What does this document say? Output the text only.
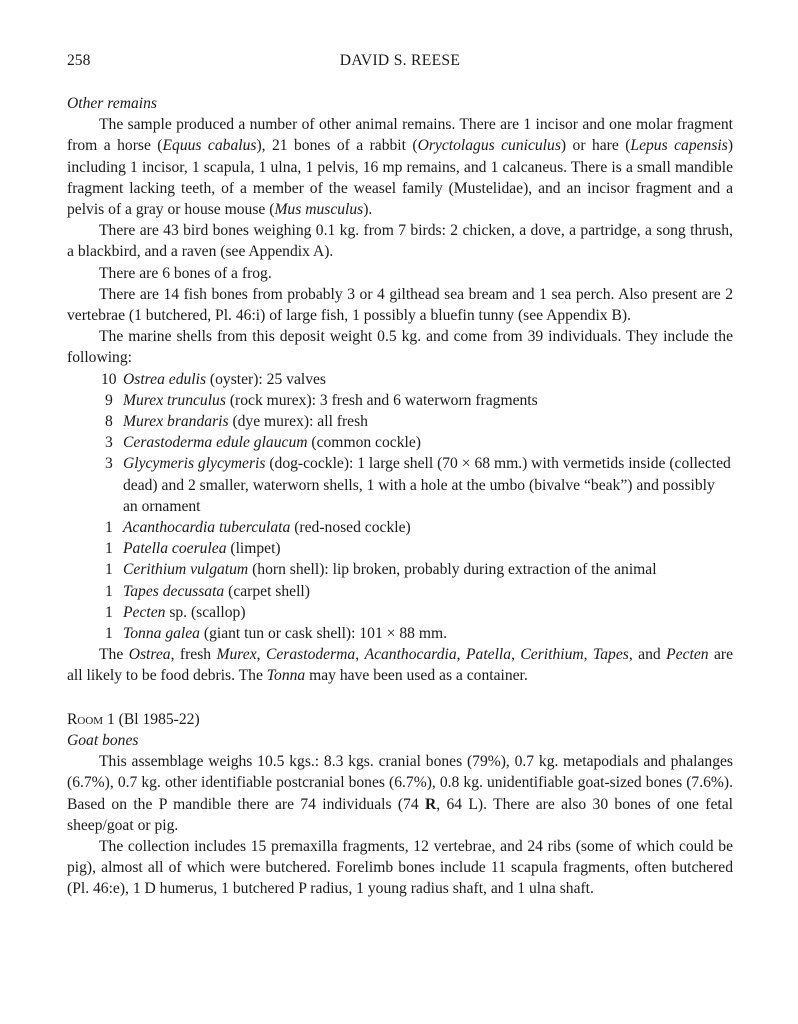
258	DAVID S. REESE
Other remains

The sample produced a number of other animal remains. There are 1 incisor and one molar fragment from a horse (Equus cabalus), 21 bones of a rabbit (Oryctolagus cuniculus) or hare (Lepus capensis) including 1 incisor, 1 scapula, 1 ulna, 1 pelvis, 16 mp remains, and 1 calcaneus. There is a small mandible fragment lacking teeth, of a member of the weasel family (Mustelidae), and an incisor fragment and a pelvis of a gray or house mouse (Mus musculus).

There are 43 bird bones weighing 0.1 kg. from 7 birds: 2 chicken, a dove, a partridge, a song thrush, a blackbird, and a raven (see Appendix A).

There are 6 bones of a frog.

There are 14 fish bones from probably 3 or 4 gilthead sea bream and 1 sea perch. Also present are 2 vertebrae (1 butchered, Pl. 46:i) of large fish, 1 possibly a bluefin tunny (see Appendix B).

The marine shells from this deposit weight 0.5 kg. and come from 39 individuals. They include the following:

10 Ostrea edulis (oyster): 25 valves
9 Murex trunculus (rock murex): 3 fresh and 6 waterworn fragments
8 Murex brandaris (dye murex): all fresh
3 Cerastoderma edule glaucum (common cockle)
3 Glycymeris glycymeris (dog-cockle): 1 large shell (70 × 68 mm.) with vermetids inside (collected dead) and 2 smaller, waterworn shells, 1 with a hole at the umbo (bivalve “beak”) and possibly an ornament
1 Acanthocardia tuberculata (red-nosed cockle)
1 Patella coerulea (limpet)
1 Cerithium vulgatum (horn shell): lip broken, probably during extraction of the animal
1 Tapes decussata (carpet shell)
1 Pecten sp. (scallop)
1 Tonna galea (giant tun or cask shell): 101 × 88 mm.

The Ostrea, fresh Murex, Cerastoderma, Acanthocardia, Patella, Cerithium, Tapes, and Pecten are all likely to be food debris. The Tonna may have been used as a container.

Room 1 (Bl 1985-22)
Goat bones

This assemblage weighs 10.5 kgs.: 8.3 kgs. cranial bones (79%), 0.7 kg. metapodials and phalanges (6.7%), 0.7 kg. other identifiable postcranial bones (6.7%), 0.8 kg. unidentifiable goat-sized bones (7.6%). Based on the P mandible there are 74 individuals (74 R, 64 L). There are also 30 bones of one fetal sheep/goat or pig.

The collection includes 15 premaxilla fragments, 12 vertebrae, and 24 ribs (some of which could be pig), almost all of which were butchered. Forelimb bones include 11 scapula fragments, often butchered (Pl. 46:e), 1 D humerus, 1 butchered P radius, 1 young radius shaft, and 1 ulna shaft.
